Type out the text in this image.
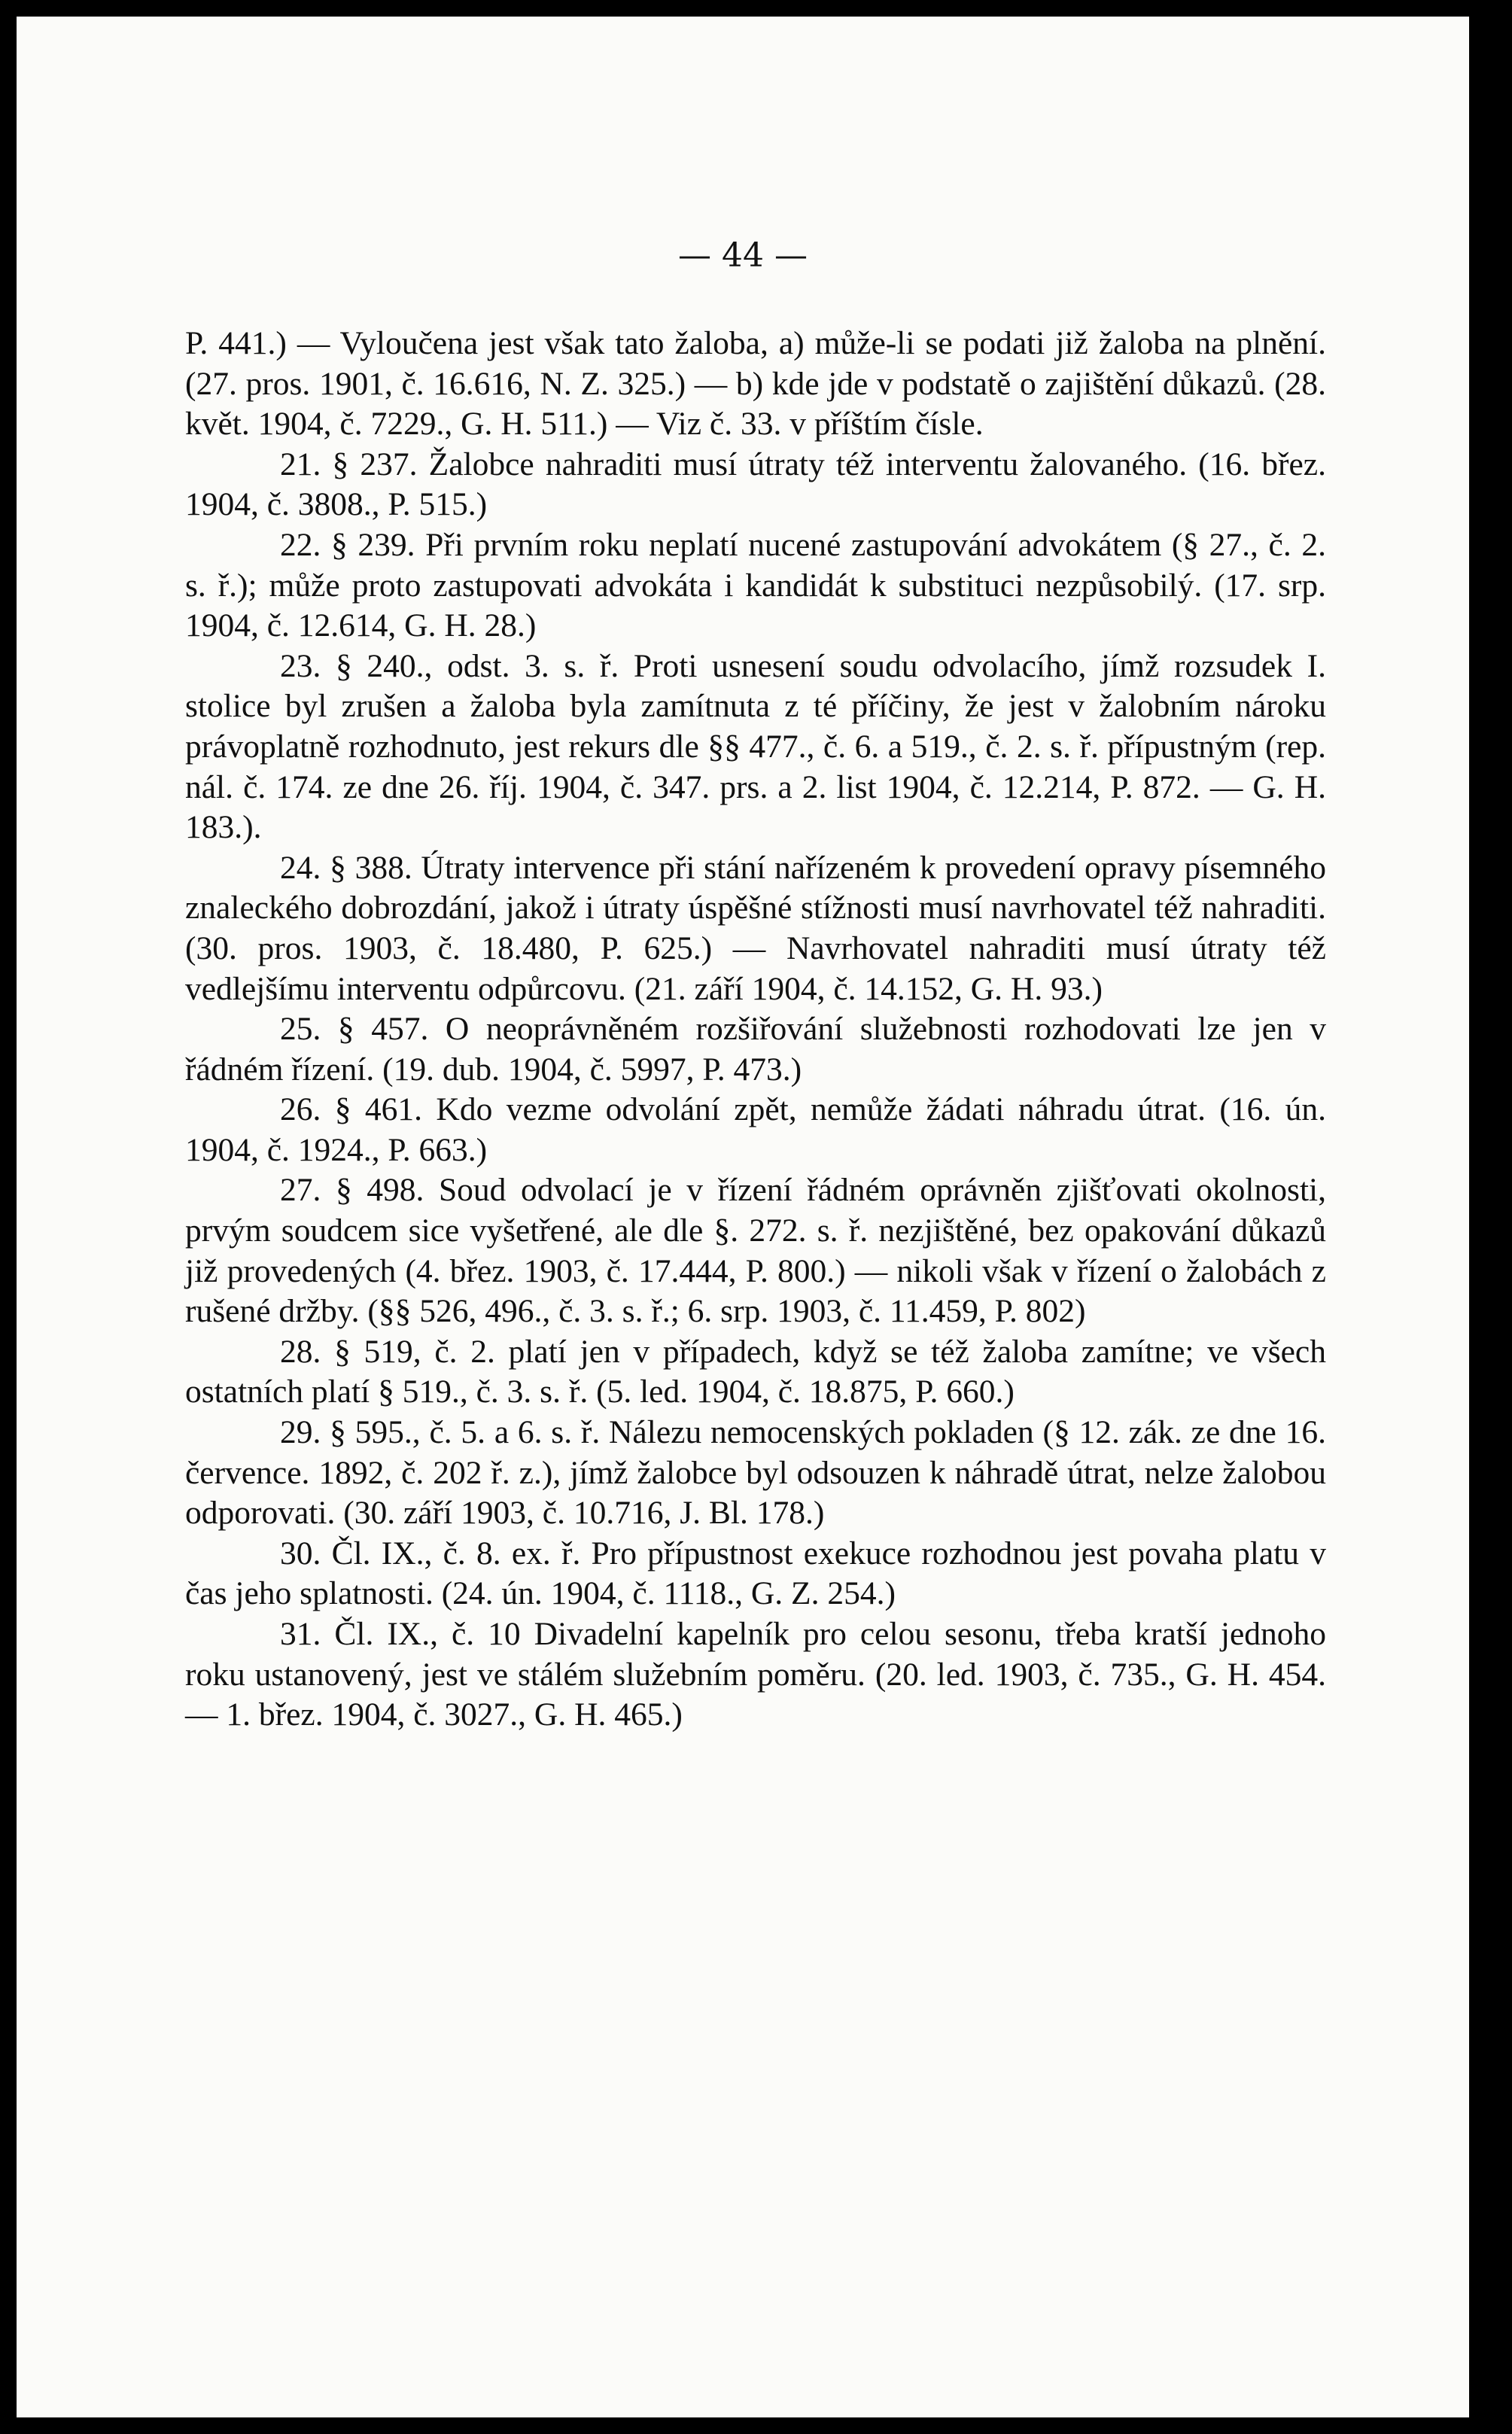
— 44 —

P. 441.) — Vyloučena jest však tato žaloba, a) může-li se podati již žaloba na plnění. (27. pros. 1901, č. 16.616, N. Z. 325.) — b) kde jde v podstatě o zajištění důkazů. (28. květ. 1904, č. 7229., G. H. 511.) — Viz č. 33. v příštím čísle.

21. § 237. Žalobce nahraditi musí útraty též interventu žalovaného. (16. břez. 1904, č. 3808., P. 515.)

22. § 239. Při prvním roku neplatí nucené zastupování advokátem (§ 27., č. 2. s. ř.); může proto zastupovati advokáta i kandidát k substituci nezpůsobilý. (17. srp. 1904, č. 12.614, G. H. 28.)

23. § 240., odst. 3. s. ř. Proti usnesení soudu odvolacího, jímž rozsudek I. stolice byl zrušen a žaloba byla zamítnuta z té příčiny, že jest v žalobním nároku právoplatně rozhodnuto, jest rekurs dle §§ 477., č. 6. a 519., č. 2. s. ř. přípustným (rep. nál. č. 174. ze dne 26. říj. 1904, č. 347. prs. a 2. list 1904, č. 12.214, P. 872. — G. H. 183.).

24. § 388. Útraty intervence při stání nařízeném k provedení opravy písemného znaleckého dobrozdání, jakož i útraty úspěšné stížnosti musí navrhovatel též nahraditi. (30. pros. 1903, č. 18.480, P. 625.) — Navrhovatel nahraditi musí útraty též vedlejšímu interventu odpůrcovu. (21. září 1904, č. 14.152, G. H. 93.)

25. § 457. O neoprávněném rozšiřování služebnosti rozhodovati lze jen v řádném řízení. (19. dub. 1904, č. 5997, P. 473.)

26. § 461. Kdo vezme odvolání zpět, nemůže žádati náhradu útrat. (16. ún. 1904, č. 1924., P. 663.)

27. § 498. Soud odvolací je v řízení řádném oprávněn zjišťovati okolnosti, prvým soudcem sice vyšetřené, ale dle §. 272. s. ř. nezjištěné, bez opakování důkazů již provedených (4. břez. 1903, č. 17.444, P. 800.) — nikoli však v řízení o žalobách z rušené držby. (§§ 526, 496., č. 3. s. ř.; 6. srp. 1903, č. 11.459, P. 802)

28. § 519, č. 2. platí jen v případech, když se též žaloba zamítne; ve všech ostatních platí § 519., č. 3. s. ř. (5. led. 1904, č. 18.875, P. 660.)

29. § 595., č. 5. a 6. s. ř. Nálezu nemocenských pokladen (§ 12. zák. ze dne 16. července. 1892, č. 202 ř. z.), jímž žalobce byl odsouzen k náhradě útrat, nelze žalobou odporovati. (30. září 1903, č. 10.716, J. Bl. 178.)

30. Čl. IX., č. 8. ex. ř. Pro přípustnost exekuce rozhodnou jest povaha platu v čas jeho splatnosti. (24. ún. 1904, č. 1118., G. Z. 254.)

31. Čl. IX., č. 10 Divadelní kapelník pro celou sesonu, třeba kratší jednoho roku ustanovený, jest ve stálém služebním poměru. (20. led. 1903, č. 735., G. H. 454. — 1. břez. 1904, č. 3027., G. H. 465.)
